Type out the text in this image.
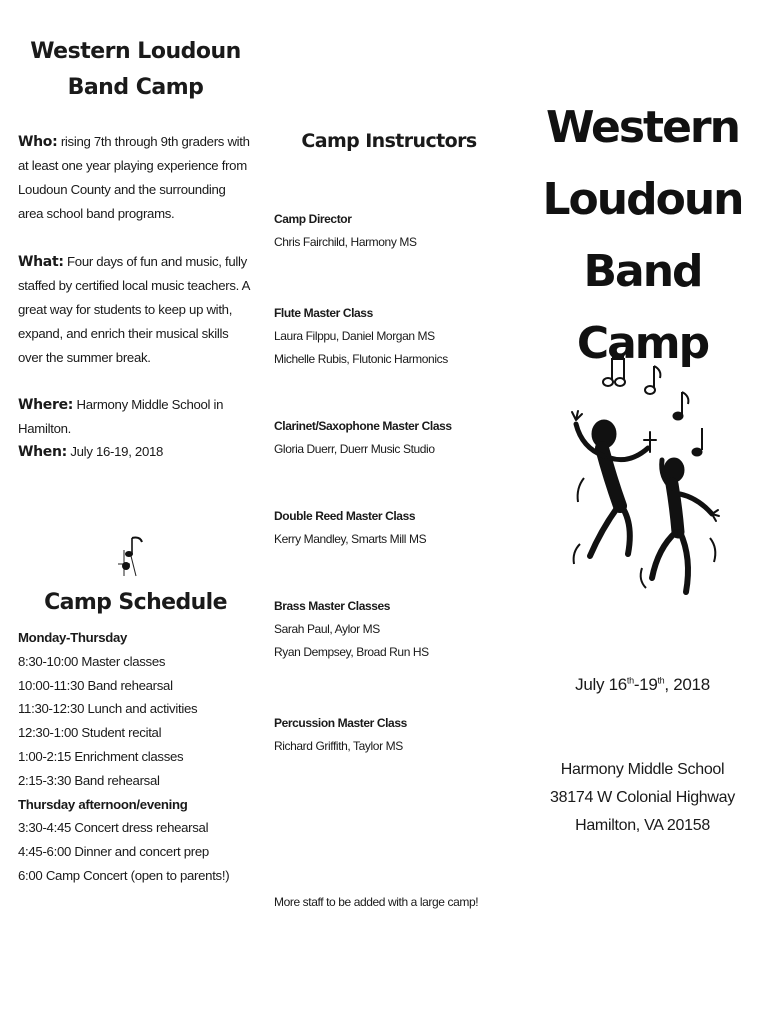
Western Loudoun
Band Camp

Who: rising 7th through 9th graders with at least one year playing experience from Loudoun County and the surrounding area school band programs.

What: Four days of fun and music, fully staffed by certified local music teachers. A great way for students to keep up with, expand, and enrich their musical skills over the summer break.

Where: Harmony Middle School in Hamilton.

When: July 16-19, 2018

Camp Schedule
Monday-Thursday
8:30-10:00 Master classes
10:00-11:30 Band rehearsal
11:30-12:30 Lunch and activities
12:30-1:00 Student recital
1:00-2:15 Enrichment classes
2:15-3:30 Band rehearsal
Thursday afternoon/evening
3:30-4:45 Concert dress rehearsal
4:45-6:00 Dinner and concert prep
6:00 Camp Concert (open to parents!)
Camp Instructors
Camp Director
Chris Fairchild, Harmony MS
Flute Master Class
Laura Filppu, Daniel Morgan MS
Michelle Rubis, Flutonic Harmonics
Clarinet/Saxophone Master Class
Gloria Duerr, Duerr Music Studio
Double Reed Master Class
Kerry Mandley, Smarts Mill MS
Brass Master Classes
Sarah Paul, Aylor MS
Ryan Dempsey, Broad Run HS
Percussion Master Class
Richard Griffith, Taylor MS
More staff to be added with a large camp!
Western
Loudoun
Band Camp
July 16th-19th, 2018
Harmony Middle School
38174 W Colonial Highway
Hamilton, VA 20158
